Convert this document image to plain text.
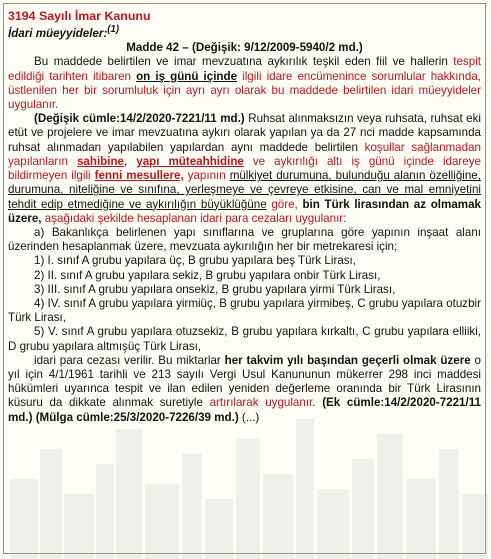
3194 Sayılı İmar Kanunu

İdari müeyyideler:$^{(1)}$

Madde 42 – (Değişik: 9/12/2009-5940/2 md.)

Bu maddede belirtilen ve imar mevzuatına aykırılık teşkil eden fiil ve hallerin tespit edildiği tarihten itibaren on iş günü içinde ilgili idare encümenince sorumlular hakkında, üstlenilen her bir sorumluluk için ayrı ayrı olarak bu maddede belirtilen idari müeyyideler uygulanır.

(Değişik cümle:14/2/2020-7221/11 md.) Ruhsat alınmaksızın veya ruhsata, ruhsat eki etüt ve projelere ve imar mevzuatına aykırı olarak yapılan ya da 27 nci madde kapsamında ruhsat alınmadan yapılabilen yapılardan aynı maddede belirtilen koşullar sağlanmadan yapılanların sahibine, yapı müteahhidine ve aykırılığı altı iş günü içinde idareye bildirmeyen ilgili fenni mesullere, yapının mülkiyet durumuna, bulunduğu alanın özelliğine, durumuna, niteliğine ve sınıfına, yerleşmeye ve çevreye etkisine, can ve mal emniyetini tehdit edip etmediğine ve aykırılığın büyüklüğüne göre, bin Türk lirasından az olmamak üzere, aşağıdaki şekilde hesaplanan idari para cezaları uygulanır:

a) Bakanlıkça belirlenen yapı sınıflarına ve gruplarına göre yapının inşaat alanı üzerinden hesaplanmak üzere, mevzuata aykırılığın her bir metrekaresi için;

1) I. sınıf A grubu yapılara üç, B grubu yapılara beş Türk Lirası,

2) II. sınıf A grubu yapılara sekiz, B grubu yapılara onbir Türk Lirası,

3) III. sınıf A grubu yapılara onsekiz, B grubu yapılara yirmi Türk Lirası,

4) IV. sınıf A grubu yapılara yirmiüç, B grubu yapılara yirmibeş, C grubu yapılara otuzbir Türk Lirası,

5) V. sınıf A grubu yapılara otuzsekiz, B grubu yapılara kırkaltı, C grubu yapılara elliiki, D grubu yapılara altmışüç Türk Lirası,

idari para cezası verilir. Bu miktarlar her takvim yılı başından geçerli olmak üzere o yıl için 4/1/1961 tarihli ve 213 sayılı Vergi Usul Kanununun mükerrer 298 inci maddesi hükümleri uyarınca tespit ve ilan edilen yeniden değerleme oranında bir Türk Lirasının küsuru da dikkate alınmak suretiyle artırılarak uygulanır. (Ek cümle:14/2/2020-7221/11 md.) (Mülga cümle:25/3/2020-7226/39 md.) (...)
